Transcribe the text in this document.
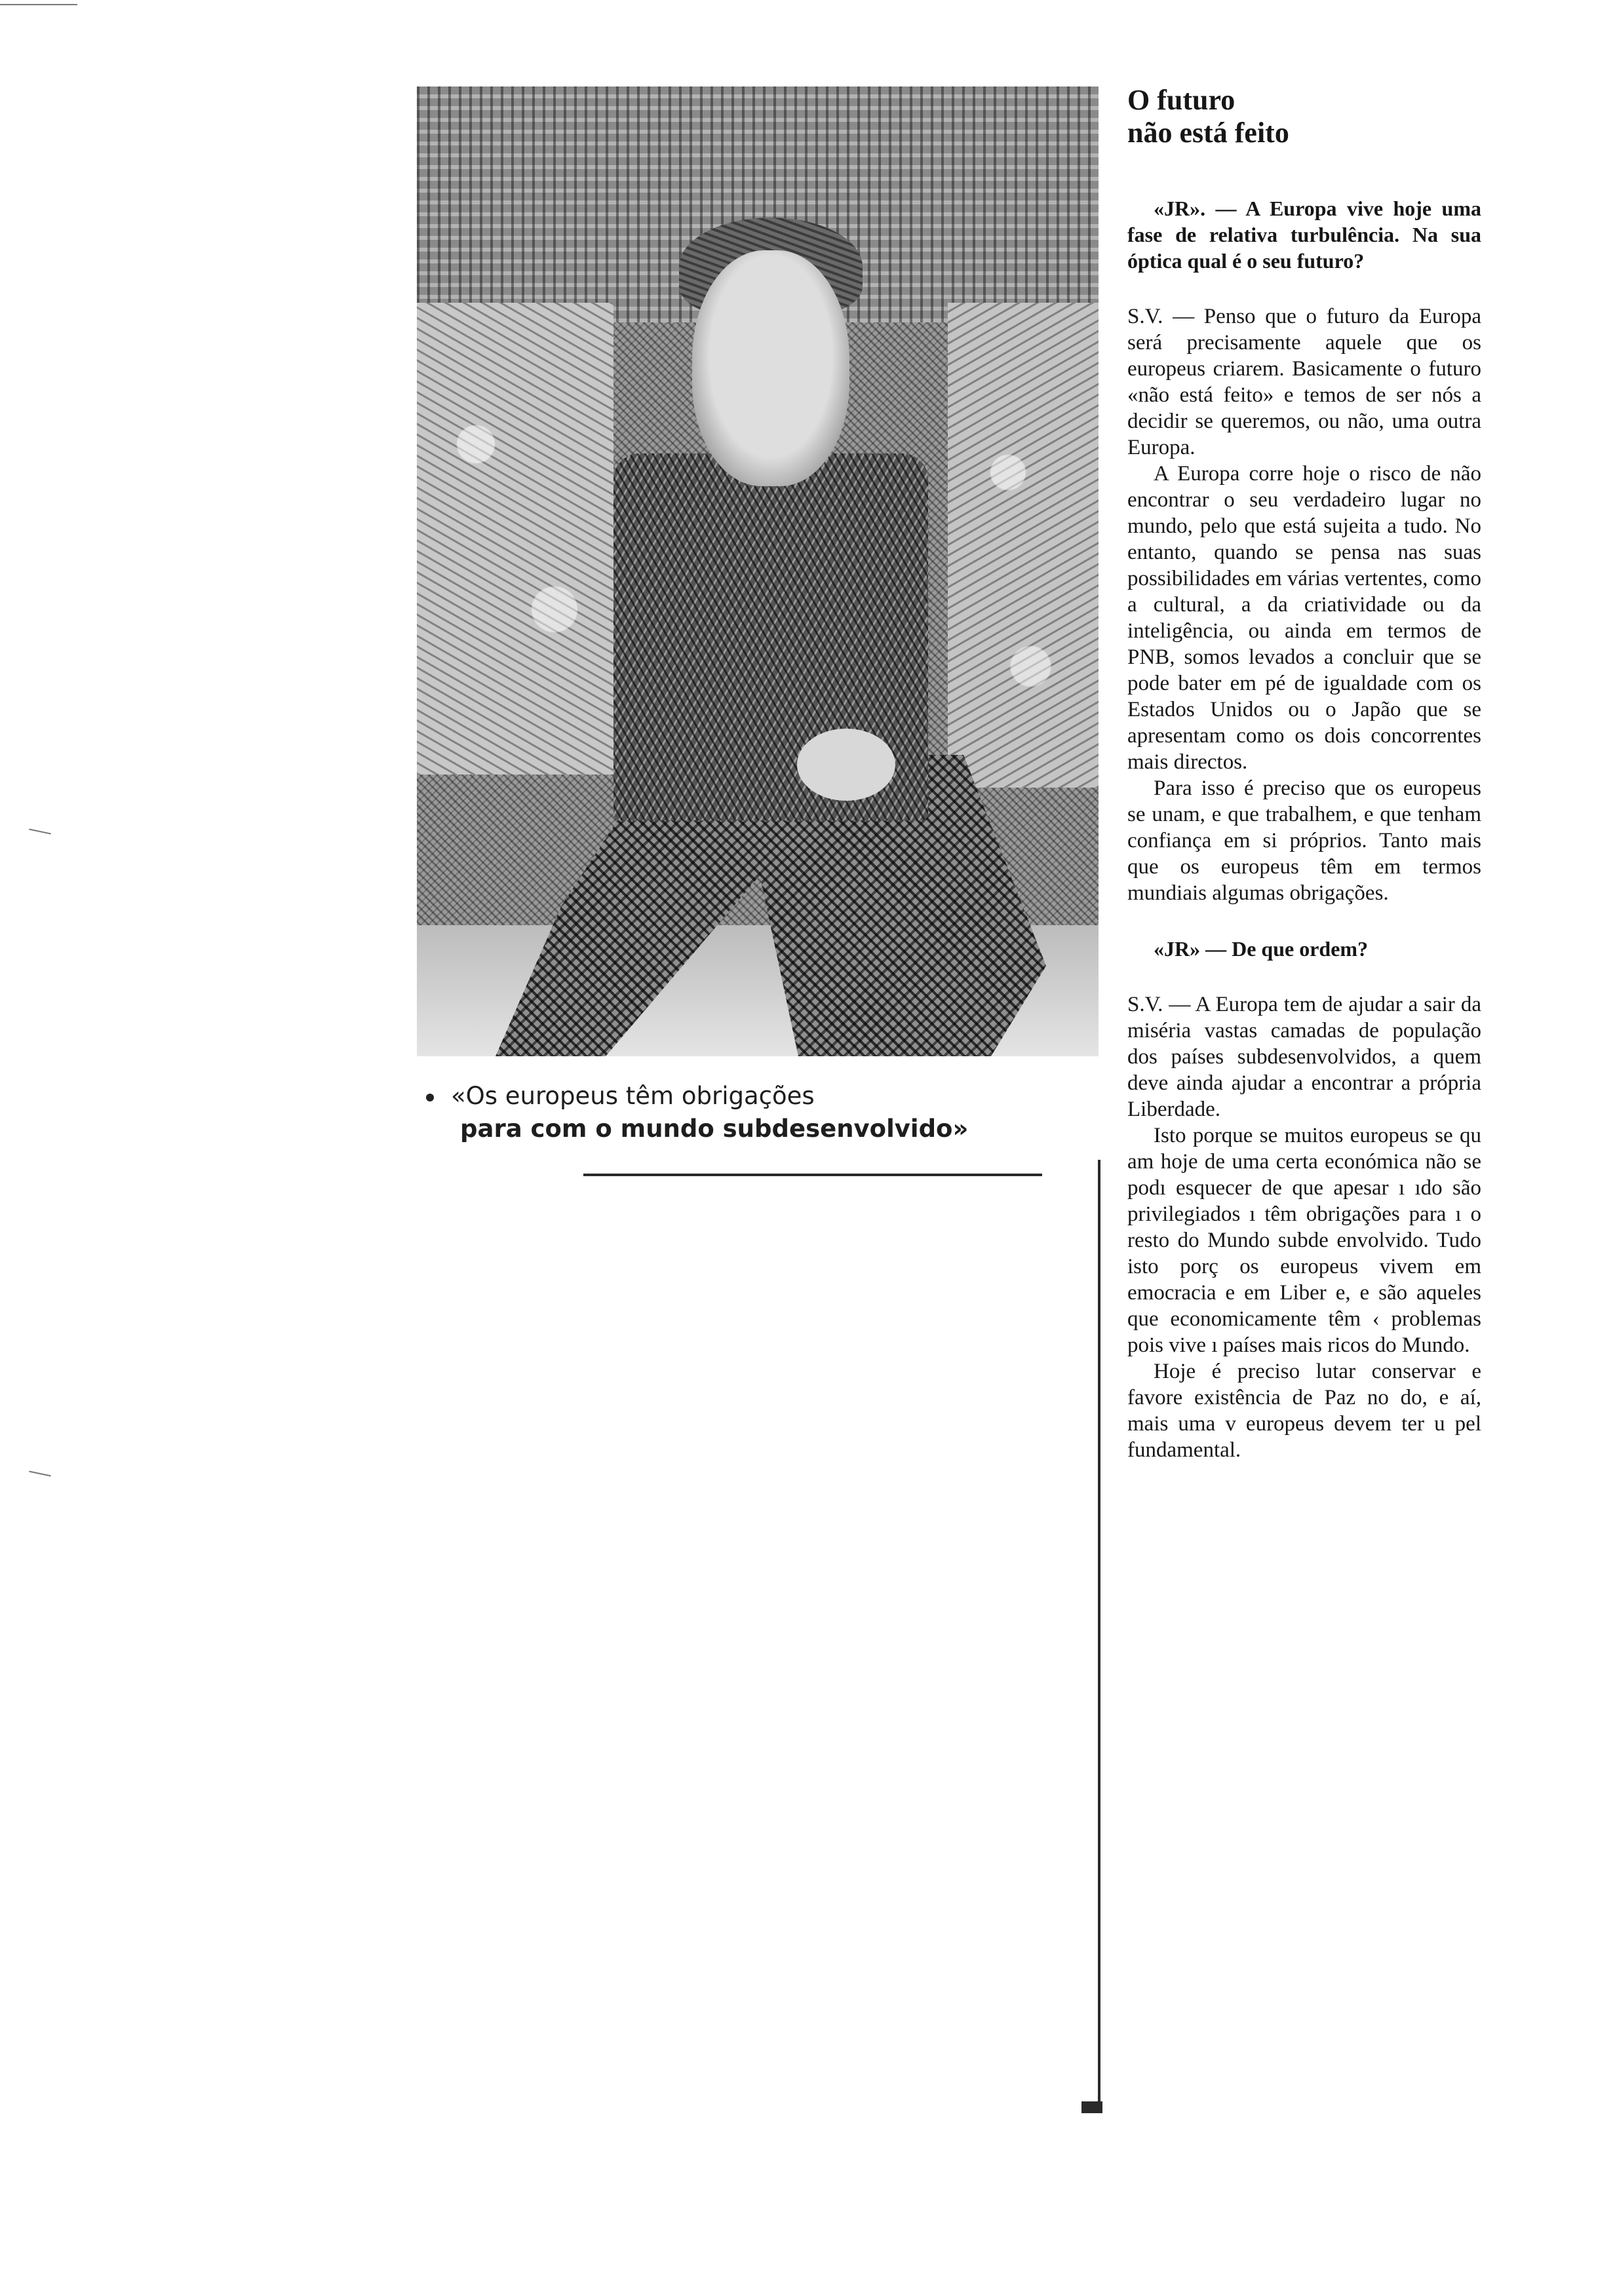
«Os europeus têm obrigações
para com o mundo subdesenvolvido»
O futuro
não está feito

«JR». — A Europa vive hoje uma fase de relativa turbulência. Na sua óptica qual é o seu futuro?

S.V. — Penso que o futuro da Europa será precisamente aquele que os europeus criarem. Basicamente o futuro «não está feito» e temos de ser nós a decidir se queremos, ou não, uma outra Europa.

A Europa corre hoje o risco de não encontrar o seu verdadeiro lugar no mundo, pelo que está sujeita a tudo. No entanto, quando se pensa nas suas possibilidades em várias vertentes, como a cultural, a da criatividade ou da inteligência, ou ainda em termos de PNB, somos levados a concluir que se pode bater em pé de igualdade com os Estados Unidos ou o Japão que se apresentam como os dois concorrentes mais directos.

Para isso é preciso que os europeus se unam, e que trabalhem, e que tenham confiança em si próprios. Tanto mais que os europeus têm em termos mundiais algumas obrigações.

«JR» — De que ordem?

S.V. — A Europa tem de ajudar a sair da miséria vastas camadas de população dos países subdesenvolvidos, a quem deve ainda ajudar a encontrar a própria Liberdade.

Isto porque se muitos europeus se qu am hoje de uma certa económica não se podı esquecer de que apesar ı ıdo são privilegiados ı têm obrigações para ı o resto do Mundo subde envolvido. Tudo isto porç os europeus vivem em emocracia e em Liber e, e são aqueles que economicamente têm ‹ problemas pois vive ı países mais ricos do Mundo.

Hoje é preciso lutar conservar e favore existência de Paz no do, e aí, mais uma v europeus devem ter u pel fundamental.
